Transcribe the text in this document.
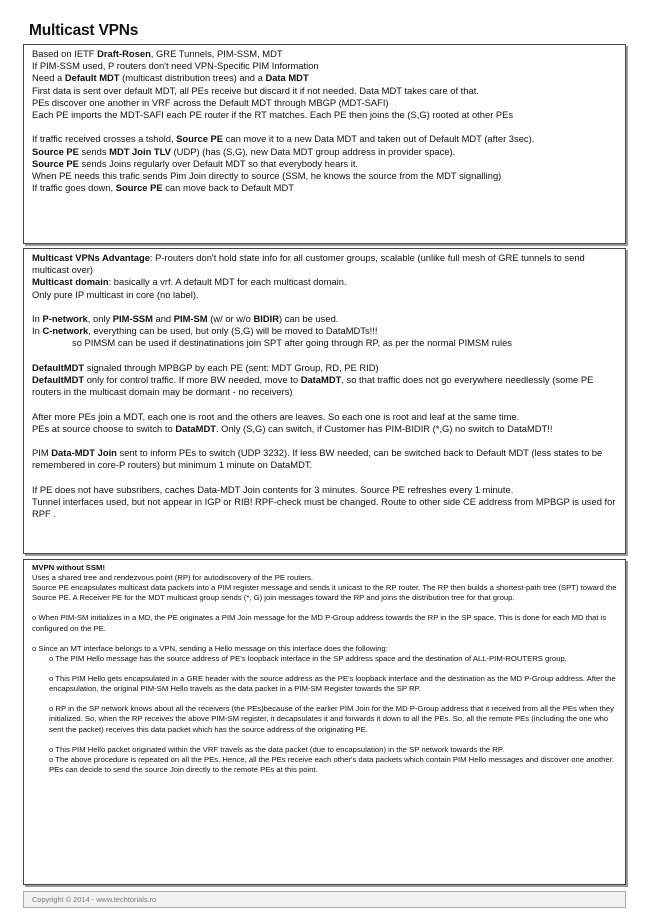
Multicast VPNs

Based on IETF Draft-Rosen, GRE Tunnels, PIM-SSM, MDT

If PIM-SSM used, P routers don't need VPN-Specific PIM Information

Need a Default MDT (multicast distribution trees) and a Data MDT

First data is sent over default MDT, all PEs receive but discard it if not needed. Data MDT takes care of that.

PEs discover one another in VRF across the Default MDT through MBGP (MDT-SAFI)

Each PE imports the MDT-SAFI each PE router if the RT matches. Each PE then joins the (S,G) rooted at other PEs

If traffic received crosses a tshold, Source PE can move it to a new Data MDT and taken out of Default MDT (after 3sec).

Source PE sends MDT Join TLV (UDP) (has (S,G), new Data MDT group address in provider space).

Source PE sends Joins regularly over Default MDT so that everybody hears it.

When PE needs this trafic sends Pim Join directly to source (SSM, he knows the source from the MDT signalling)

If traffic goes down, Source PE can move back to Default MDT

Multicast VPNs Advantage: P-routers don't hold state info for all customer groups, scalable (unlike full mesh of GRE tunnels to send multicast over)

Multicast domain: basically a vrf. A default MDT for each multicast domain.

Only pure IP multicast in core (no label).

In P-network, only PIM-SSM and PIM-SM (w/ or w/o BIDIR) can be used.

In C-network, everything can be used, but only (S,G) will be moved to DataMDTs!!!

so PIMSM can be used if destinatinations join SPT after going through RP, as per the normal PIMSM rules

DefaultMDT signaled through MPBGP by each PE (sent: MDT Group, RD, PE RID)

DefaultMDT only for control traffic. If more BW needed, move to DataMDT, so that traffic does not go everywhere needlessly (some PE routers in the multicast domain may be dormant - no receivers)

After more PEs join a MDT, each one is root and the others are leaves. So each one is root and leaf at the same time.

PEs at source choose to switch to DataMDT. Only (S,G) can switch, if Customer has PIM-BIDIR (*,G) no switch to DataMDT!!

PIM Data-MDT Join sent to inform PEs to switch (UDP 3232). If less BW needed, can be switched back to Default MDT (less states to be remembered in core-P routers) but minimum 1 minute on DataMDT.

If PE does not have subsribers, caches Data-MDT Join contents for 3 minutes. Source PE refreshes every 1 minute.

Tunnel interfaces used, but not appear in IGP or RIB! RPF-check must be changed. Route to other side CE address from MPBGP is used for RPF .

MVPN without SSM!

Uses a shared tree and rendezvous point (RP) for autodiscovery of the PE routers.

Source PE encapsulates multicast data packets into a PIM register message and sends it unicast to the RP router. The RP then builds a shortest-path tree (SPT) toward the Source PE. A Receiver PE for the MDT multicast group sends (*, G) join messages toward the RP and joins the distribution tree for that group.

o When PIM-SM initializes in a MD, the PE originates a PIM Join message for the MD P-Group address towards the RP in the SP space. This is done for each MD that is configured on the PE.

o Since an MT interface belongs to a VPN, sending a Hello message on this interface does the following:

o The PIM Hello message has the source address of PE's loopback interface in the SP address space and the destination of ALL-PIM-ROUTERS group.

o This PIM Hello gets encapsulated in a GRE header with the source address as the PE's loopback interface and the destination as the MD P-Group address. After the encapsulation, the original PIM-SM Hello travels as the data packet in a PIM-SM Register towards the SP RP.

o RP in the SP network knows about all the receivers (the PEs)because of the earlier PIM Join for the MD P-Group address that it received from all the PEs when they initialized. So, when the RP receives the above PIM-SM register, it decapsulates it and forwards it down to all the PEs. So, all the remote PEs (including the one who sent the packet) receives this data packet which has the source address of the originating PE.

o This PIM Hello packet originated within the VRF travels as the data packet (due to encapsulation) in the SP network towards the RP.

o The above procedure is repeated on all the PEs. Hence, all the PEs receive each other's data packets which contain PIM Hello messages and discover one another. PEs can decide to send the source Join directly to the remote PEs at this point.

Copyright © 2014 - www.techtorials.ro
